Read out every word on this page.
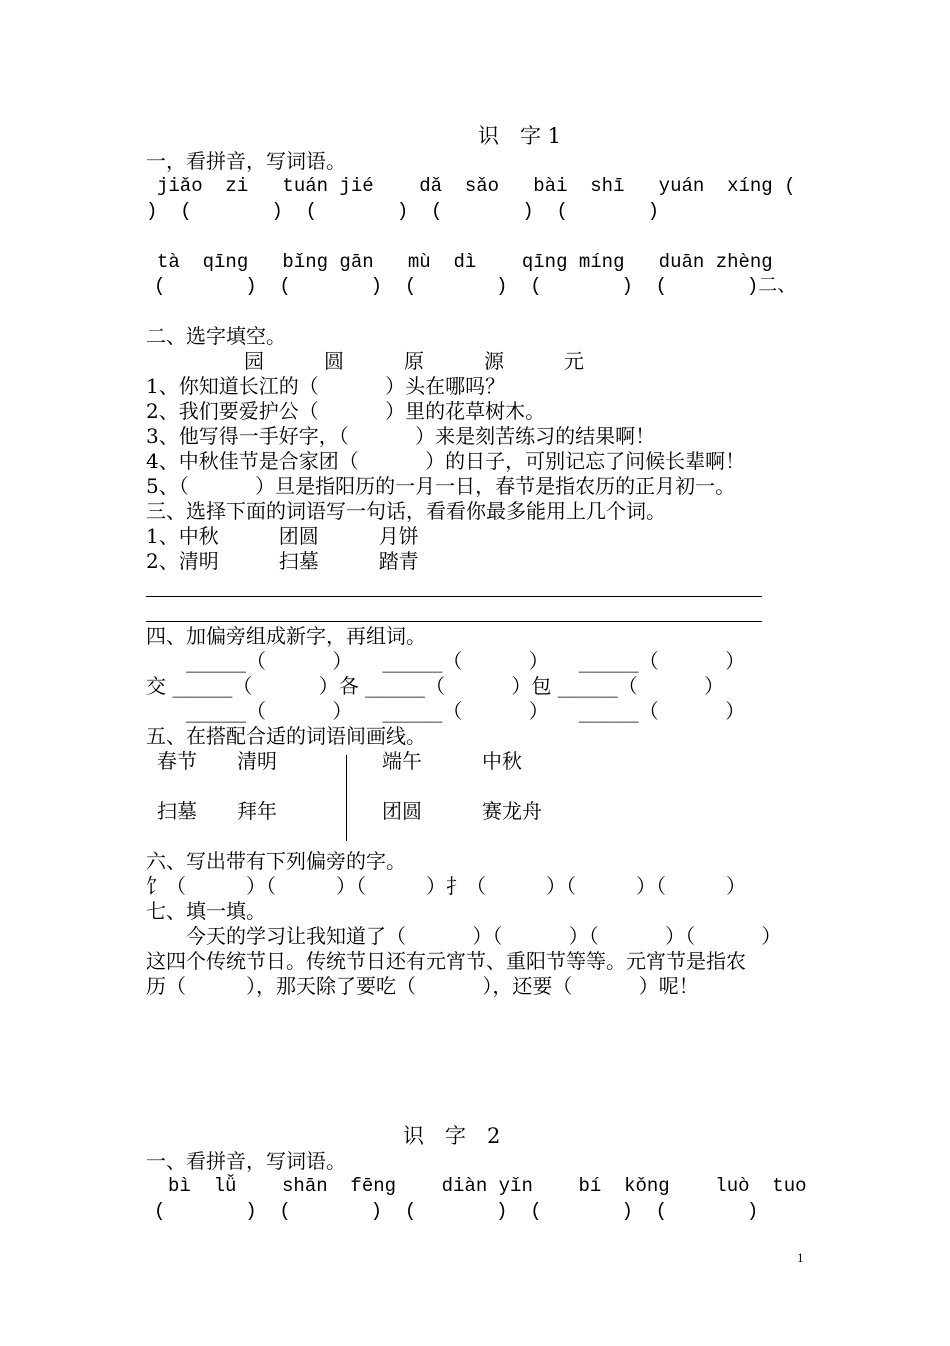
识　字 1
一，看拼音，写词语。
jiǎo  zi   tuán jié    dǎ  sǎo   bài  shī   yuán  xíng (
)  (       )  (       )  (       )  (       )
tà  qīng   bǐng gān   mù  dì    qīng míng   duān zhèng
(       )  (       )  (       )  (       )  (       )二、
二、选字填空。
园　　　圆　　　原　　　源　　　元
1、你知道长江的（　　　 ）头在哪吗？
2、我们要爱护公（　　　 ）里的花草树木。
3、他写得一手好字，（　　　 ）来是刻苦练习的结果啊！
4、中秋佳节是合家团（　　　 ）的日子，可别记忘了问候长辈啊！
5、（　　　 ）旦是指阳历的一月一日，春节是指农历的正月初一。
三、选择下面的词语写一句话，看看你最多能用上几个词。
1、中秋　　　团圆　　　月饼
2、清明　　　扫墓　　　踏青
四、加偏旁组成新字，再组词。
　　______（　　　 ）　　______（　　　 ）　　______（　　　 ）
交 ______（　　　 ）各 ______（　　　 ）包 ______（　　　 ）
　　______（　　　 ）　　______（　　　 ）　　______（　　　 ）
五、在搭配合适的词语间画线。
春节　　清明	端午　　　中秋
扫墓　　拜年	团圆　　　赛龙舟
六、写出带有下列偏旁的字。
饣（　　　）（　　　）（　　　）扌（　　　）（　　　）（　　　）
七、填一填。
　　今天的学习让我知道了（　　　 ）（　　　 ）（　　　 ）（　　　 ）
这四个传统节日。传统节日还有元宵节、重阳节等等。元宵节是指农
历（　　　），那天除了要吃（　　　 ），还要（　　　 ）呢！
识　字　2
一、看拼音，写词语。
bì  lǚ    shān  fēng    diàn yǐn    bí  kǒng    luò  tuo
(       )  (       )  (       )  (       )  (       )
1
